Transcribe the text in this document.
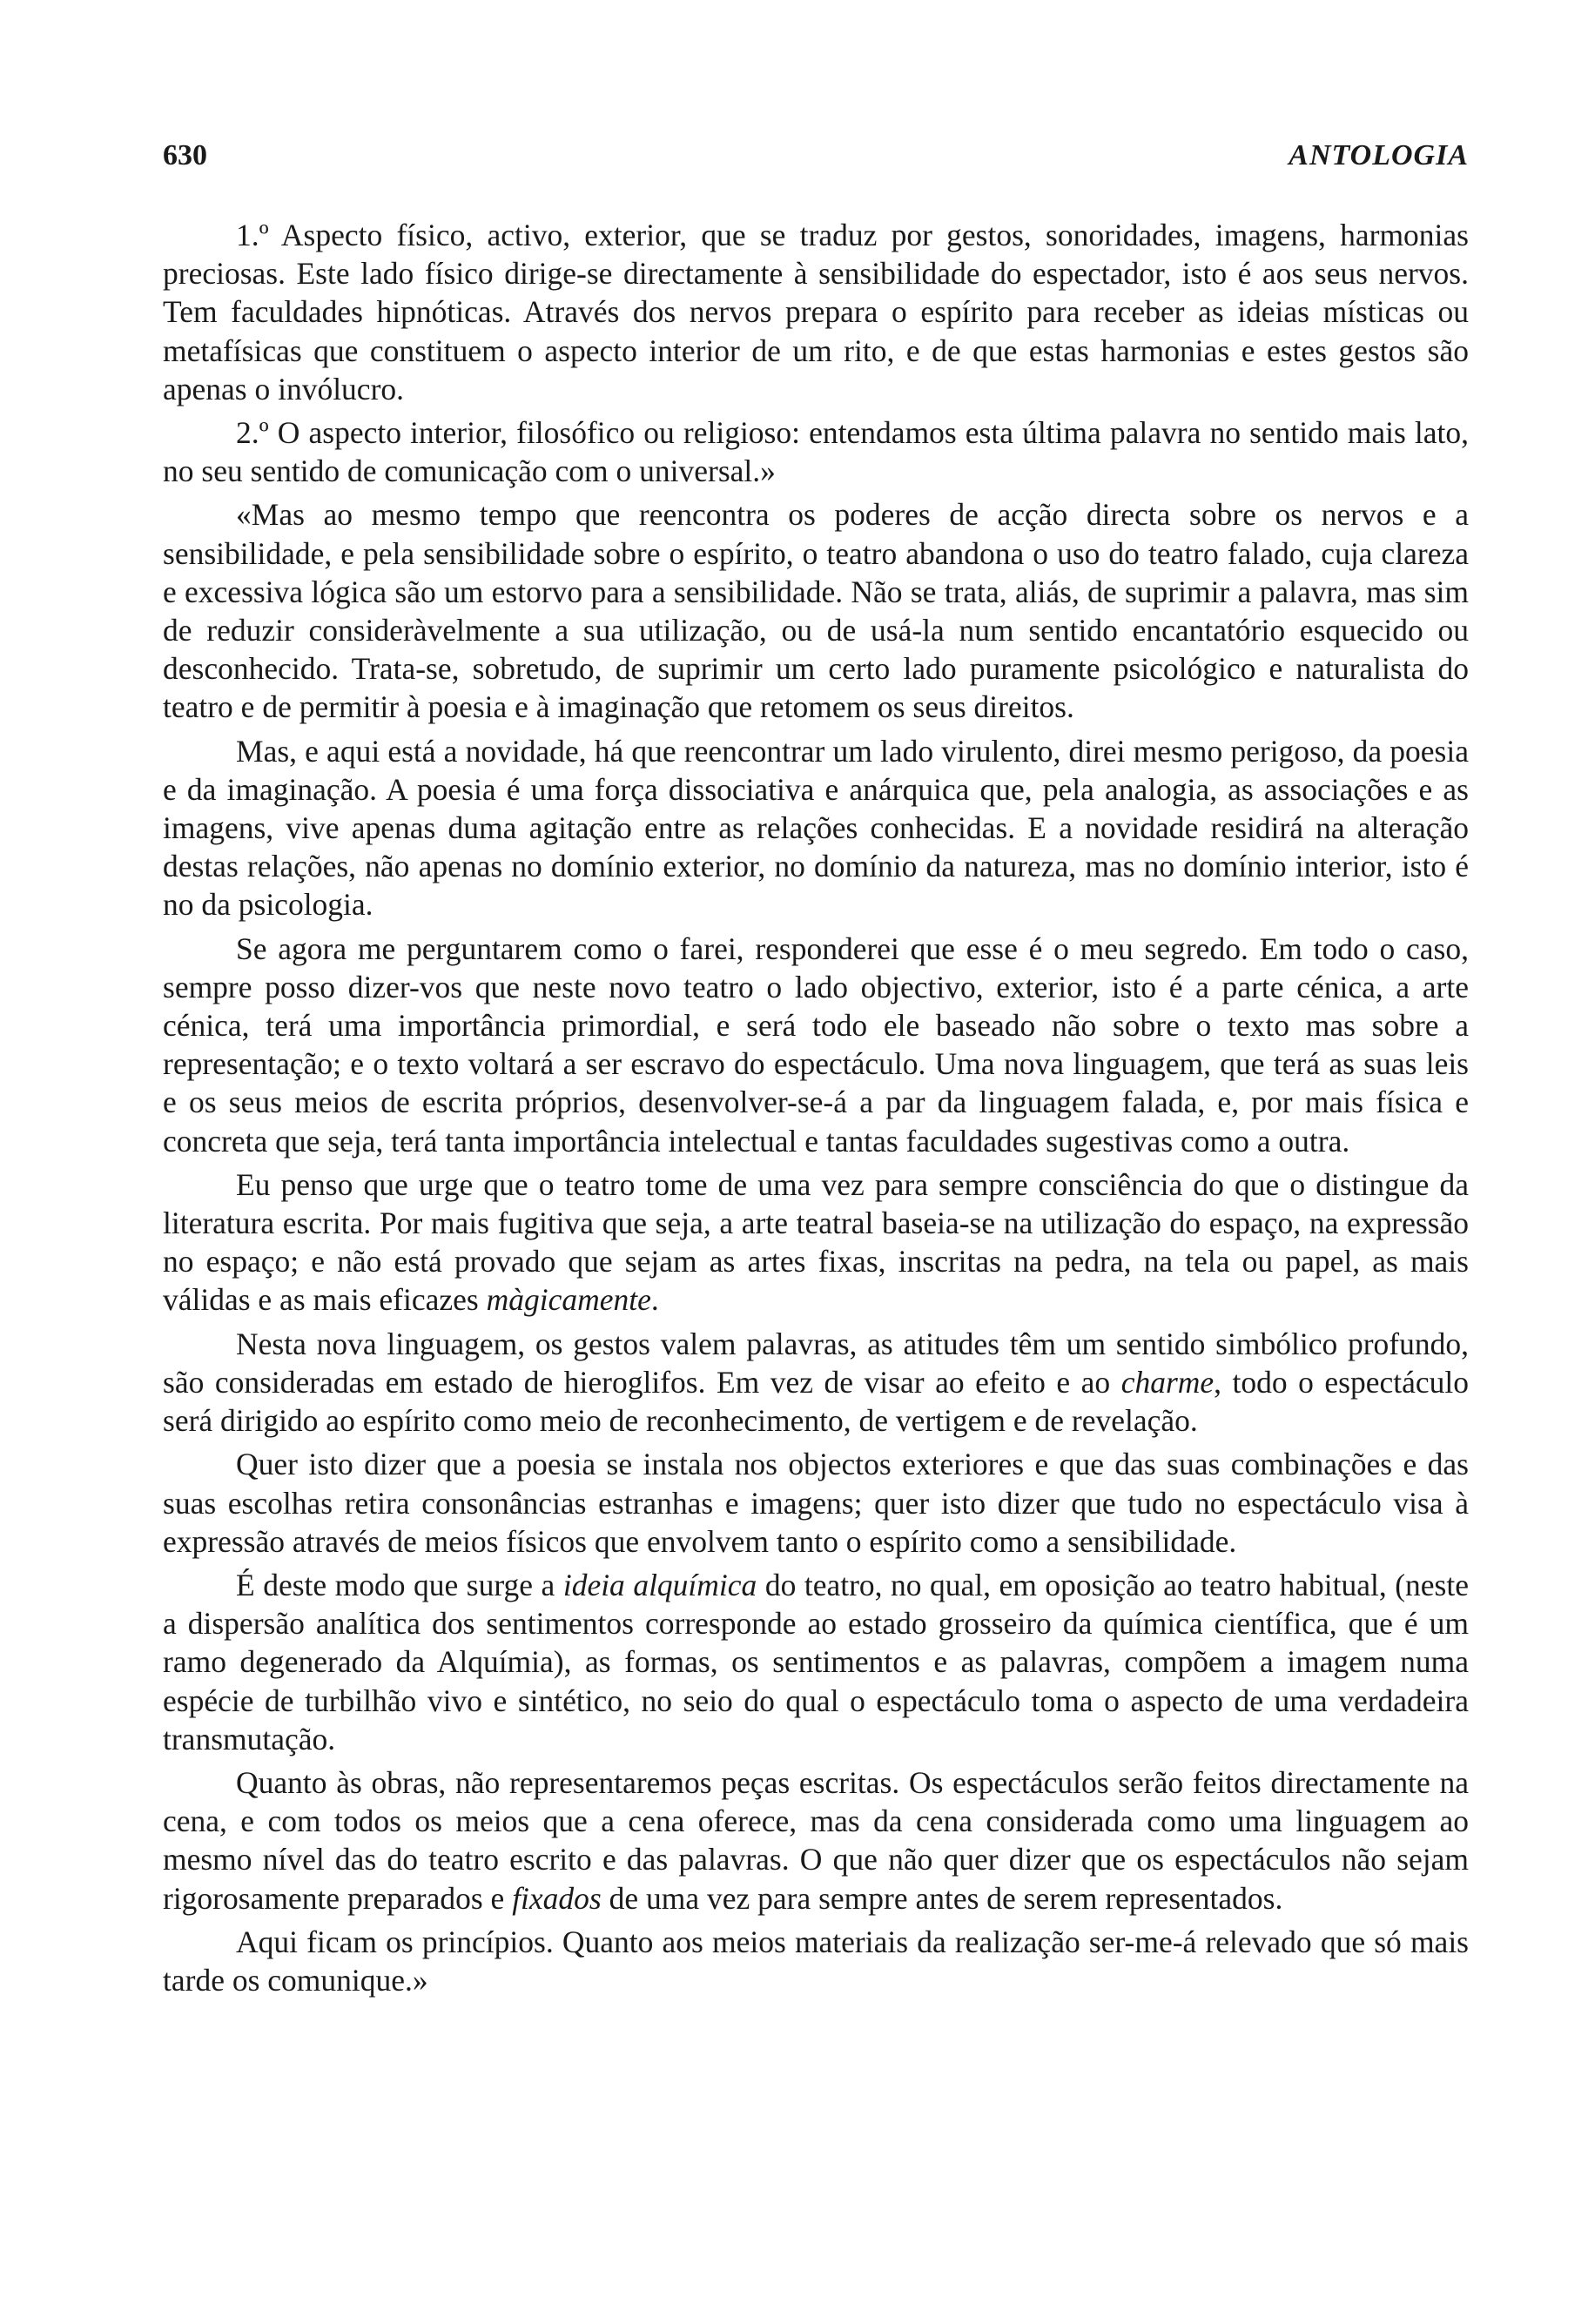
630	ANTOLOGIA

1.º Aspecto físico, activo, exterior, que se traduz por gestos, sonoridades, imagens, harmonias preciosas. Este lado físico dirige-se directamente à sensibilidade do espectador, isto é aos seus nervos. Tem faculdades hipnóticas. Através dos nervos prepara o espírito para receber as ideias místicas ou metafísicas que constituem o aspecto interior de um rito, e de que estas harmonias e estes gestos são apenas o invólucro.

2.º O aspecto interior, filosófico ou religioso: entendamos esta última palavra no sentido mais lato, no seu sentido de comunicação com o universal.»

«Mas ao mesmo tempo que reencontra os poderes de acção directa sobre os nervos e a sensibilidade, e pela sensibilidade sobre o espírito, o teatro abandona o uso do teatro falado, cuja clareza e excessiva lógica são um estorvo para a sensibilidade. Não se trata, aliás, de suprimir a palavra, mas sim de reduzir consideràvelmente a sua utilização, ou de usá-la num sentido encantatório esquecido ou desconhecido. Trata-se, sobretudo, de suprimir um certo lado puramente psicológico e naturalista do teatro e de permitir à poesia e à imaginação que retomem os seus direitos.

Mas, e aqui está a novidade, há que reencontrar um lado virulento, direi mesmo perigoso, da poesia e da imaginação. A poesia é uma força dissociativa e anárquica que, pela analogia, as associações e as imagens, vive apenas duma agitação entre as relações conhecidas. E a novidade residirá na alteração destas relações, não apenas no domínio exterior, no domínio da natureza, mas no domínio interior, isto é no da psicologia.

Se agora me perguntarem como o farei, responderei que esse é o meu segredo. Em todo o caso, sempre posso dizer-vos que neste novo teatro o lado objectivo, exterior, isto é a parte cénica, a arte cénica, terá uma importância primordial, e será todo ele baseado não sobre o texto mas sobre a representação; e o texto voltará a ser escravo do espectáculo. Uma nova linguagem, que terá as suas leis e os seus meios de escrita próprios, desenvolver-se-á a par da linguagem falada, e, por mais física e concreta que seja, terá tanta importância intelectual e tantas faculdades sugestivas como a outra.

Eu penso que urge que o teatro tome de uma vez para sempre consciência do que o distingue da literatura escrita. Por mais fugitiva que seja, a arte teatral baseia-se na utilização do espaço, na expressão no espaço; e não está provado que sejam as artes fixas, inscritas na pedra, na tela ou papel, as mais válidas e as mais eficazes màgicamente.

Nesta nova linguagem, os gestos valem palavras, as atitudes têm um sentido simbólico profundo, são consideradas em estado de hieroglifos. Em vez de visar ao efeito e ao charme, todo o espectáculo será dirigido ao espírito como meio de reconhecimento, de vertigem e de revelação.

Quer isto dizer que a poesia se instala nos objectos exteriores e que das suas combinações e das suas escolhas retira consonâncias estranhas e imagens; quer isto dizer que tudo no espectáculo visa à expressão através de meios físicos que envolvem tanto o espírito como a sensibilidade.

É deste modo que surge a ideia alquímica do teatro, no qual, em oposição ao teatro habitual, (neste a dispersão analítica dos sentimentos corresponde ao estado grosseiro da química científica, que é um ramo degenerado da Alquímia), as formas, os sentimentos e as palavras, compõem a imagem numa espécie de turbilhão vivo e sintético, no seio do qual o espectáculo toma o aspecto de uma verdadeira transmutação.

Quanto às obras, não representaremos peças escritas. Os espectáculos serão feitos directamente na cena, e com todos os meios que a cena oferece, mas da cena considerada como uma linguagem ao mesmo nível das do teatro escrito e das palavras. O que não quer dizer que os espectáculos não sejam rigorosamente preparados e fixados de uma vez para sempre antes de serem representados.

Aqui ficam os princípios. Quanto aos meios materiais da realização ser-me-á relevado que só mais tarde os comunique.»
